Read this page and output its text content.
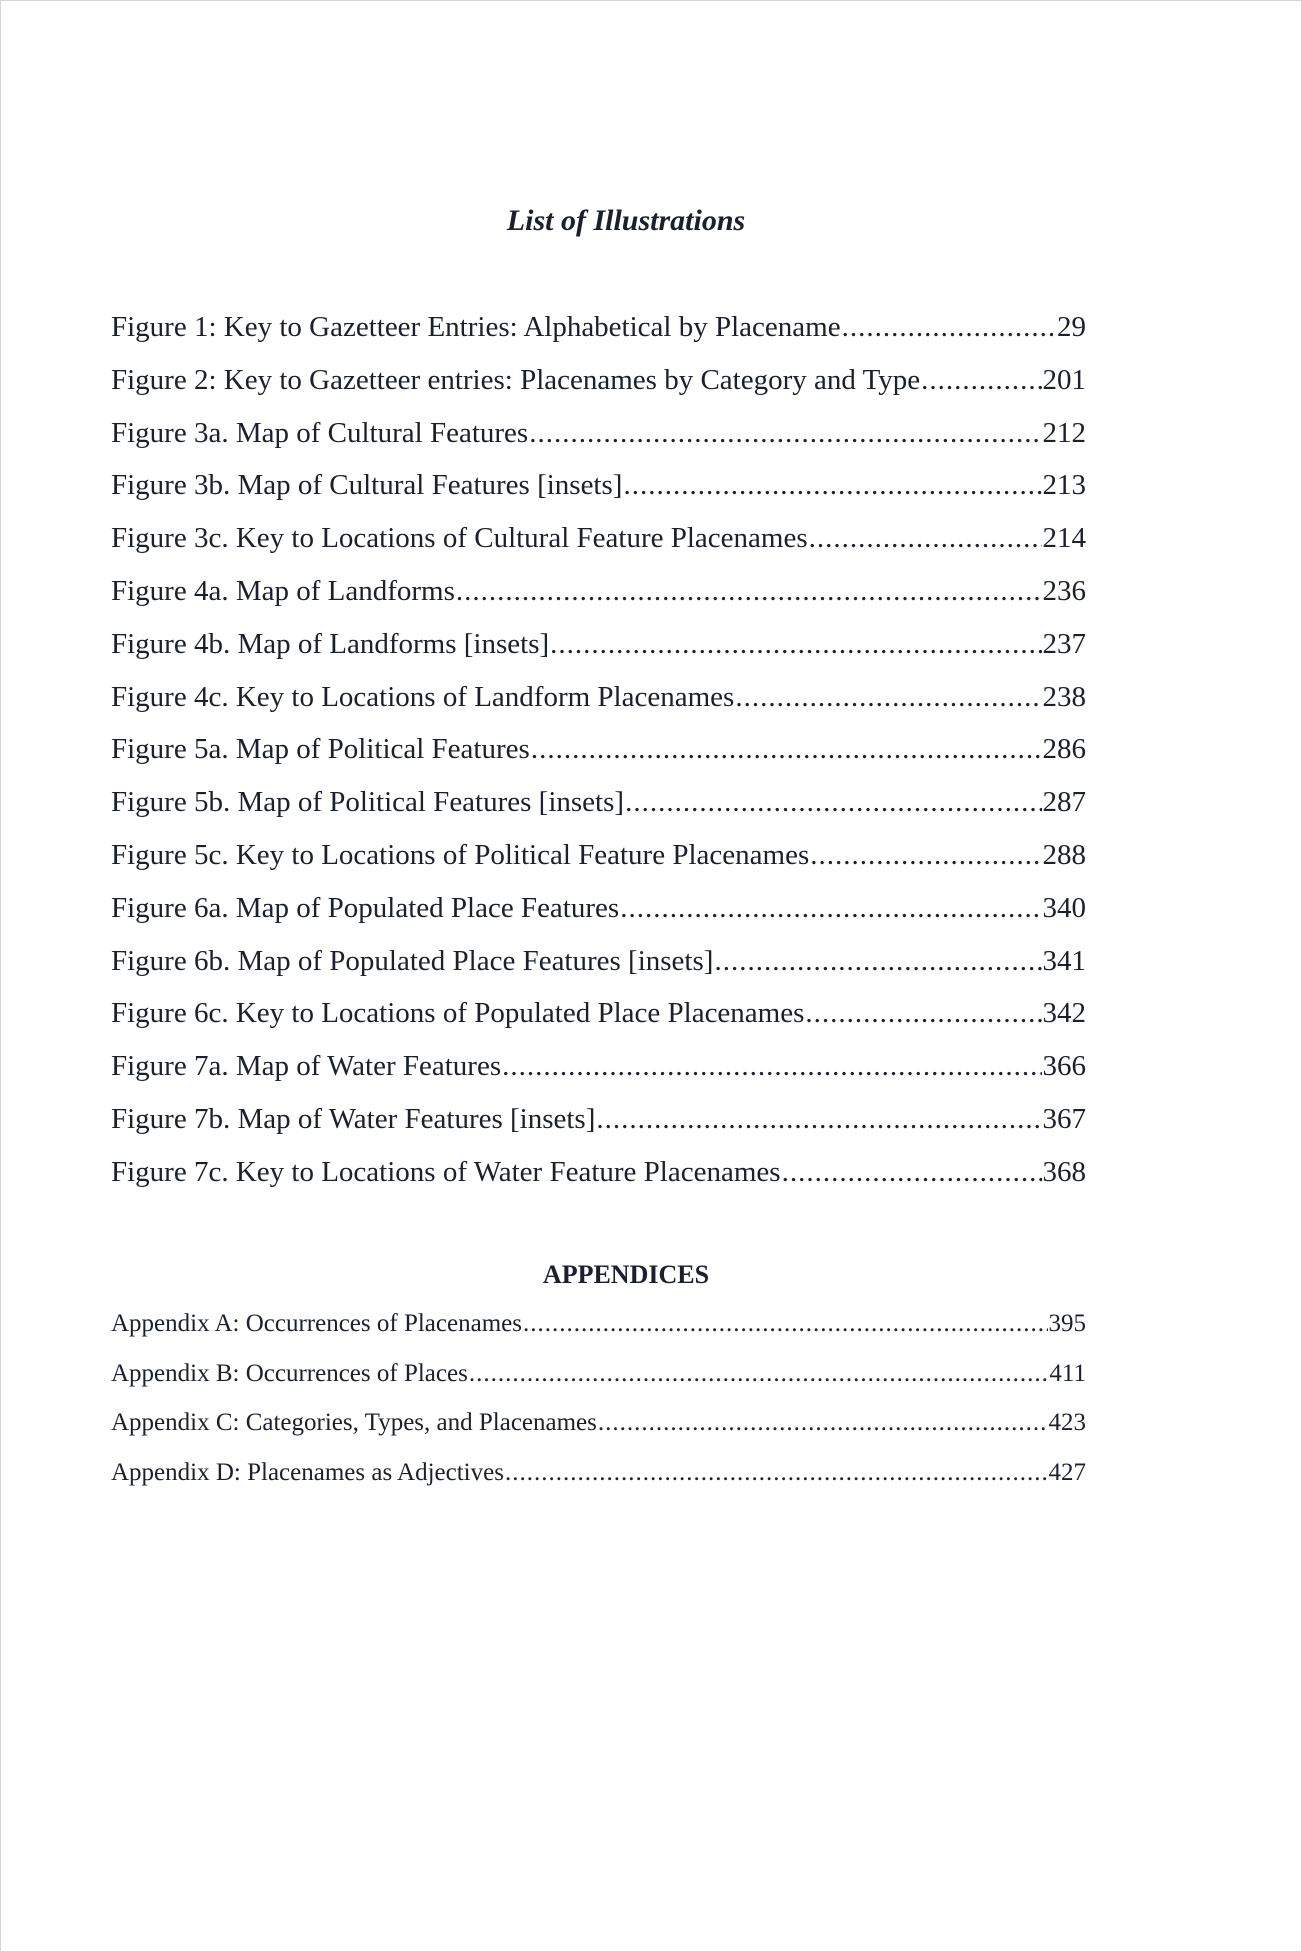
List of Illustrations
Figure 1: Key to Gazetteer Entries: Alphabetical by Placename .....	29
Figure 2: Key to Gazetteer entries: Placenames by Category and Type .....	201
Figure 3a. Map of Cultural Features .....	212
Figure 3b. Map of Cultural Features [insets] .....	213
Figure 3c. Key to Locations of Cultural Feature Placenames .....	214
Figure 4a. Map of Landforms .....	236
Figure 4b. Map of Landforms [insets] .....	237
Figure 4c. Key to Locations of Landform Placenames .....	238
Figure 5a. Map of Political Features .....	286
Figure 5b. Map of Political Features [insets] .....	287
Figure 5c. Key to Locations of Political Feature Placenames .....	288
Figure 6a. Map of Populated Place Features .....	340
Figure 6b. Map of Populated Place Features [insets] .....	341
Figure 6c. Key to Locations of Populated Place Placenames .....	342
Figure 7a. Map of Water Features .....	366
Figure 7b. Map of Water Features [insets] .....	367
Figure 7c. Key to Locations of Water Feature Placenames .....	368
APPENDICES
Appendix A: Occurrences of Placenames .....	395
Appendix B: Occurrences of Places .....	411
Appendix C: Categories, Types, and Placenames .....	423
Appendix D: Placenames as Adjectives .....	427
